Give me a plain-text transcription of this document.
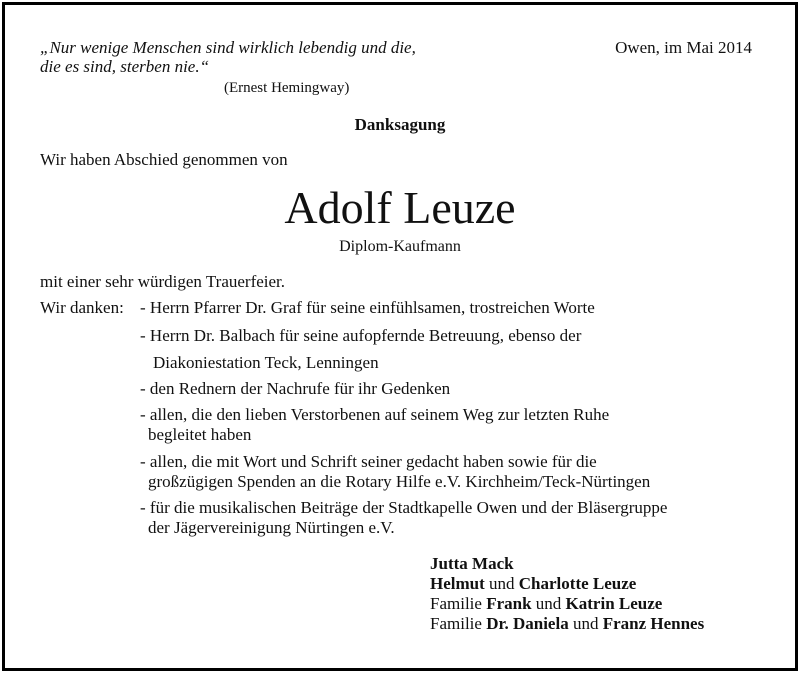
„Nur wenige Menschen sind wirklich lebendig und die,

die es sind, sterben nie.“

(Ernest Hemingway)

Owen, im Mai 2014

Danksagung

Wir haben Abschied genommen von

Adolf Leuze

Diplom-Kaufmann

mit einer sehr würdigen Trauerfeier.

Wir danken: - Herrn Pfarrer Dr. Graf für seine einfühlsamen, trostreichen Worte

- Herrn Dr. Balbach für seine aufopfernde Betreuung, ebenso der

Diakoniestation Teck, Lenningen

- den Rednern der Nachrufe für ihr Gedenken

- allen, die den lieben Verstorbenen auf seinem Weg zur letzten Ruhe

begleitet haben

- allen, die mit Wort und Schrift seiner gedacht haben sowie für die

großzügigen Spenden an die Rotary Hilfe e.V. Kirchheim/Teck-Nürtingen

- für die musikalischen Beiträge der Stadtkapelle Owen und der Bläsergruppe

der Jägervereinigung Nürtingen e.V.

Jutta Mack

Helmut und Charlotte Leuze

Familie Frank und Katrin Leuze

Familie Dr. Daniela und Franz Hennes
